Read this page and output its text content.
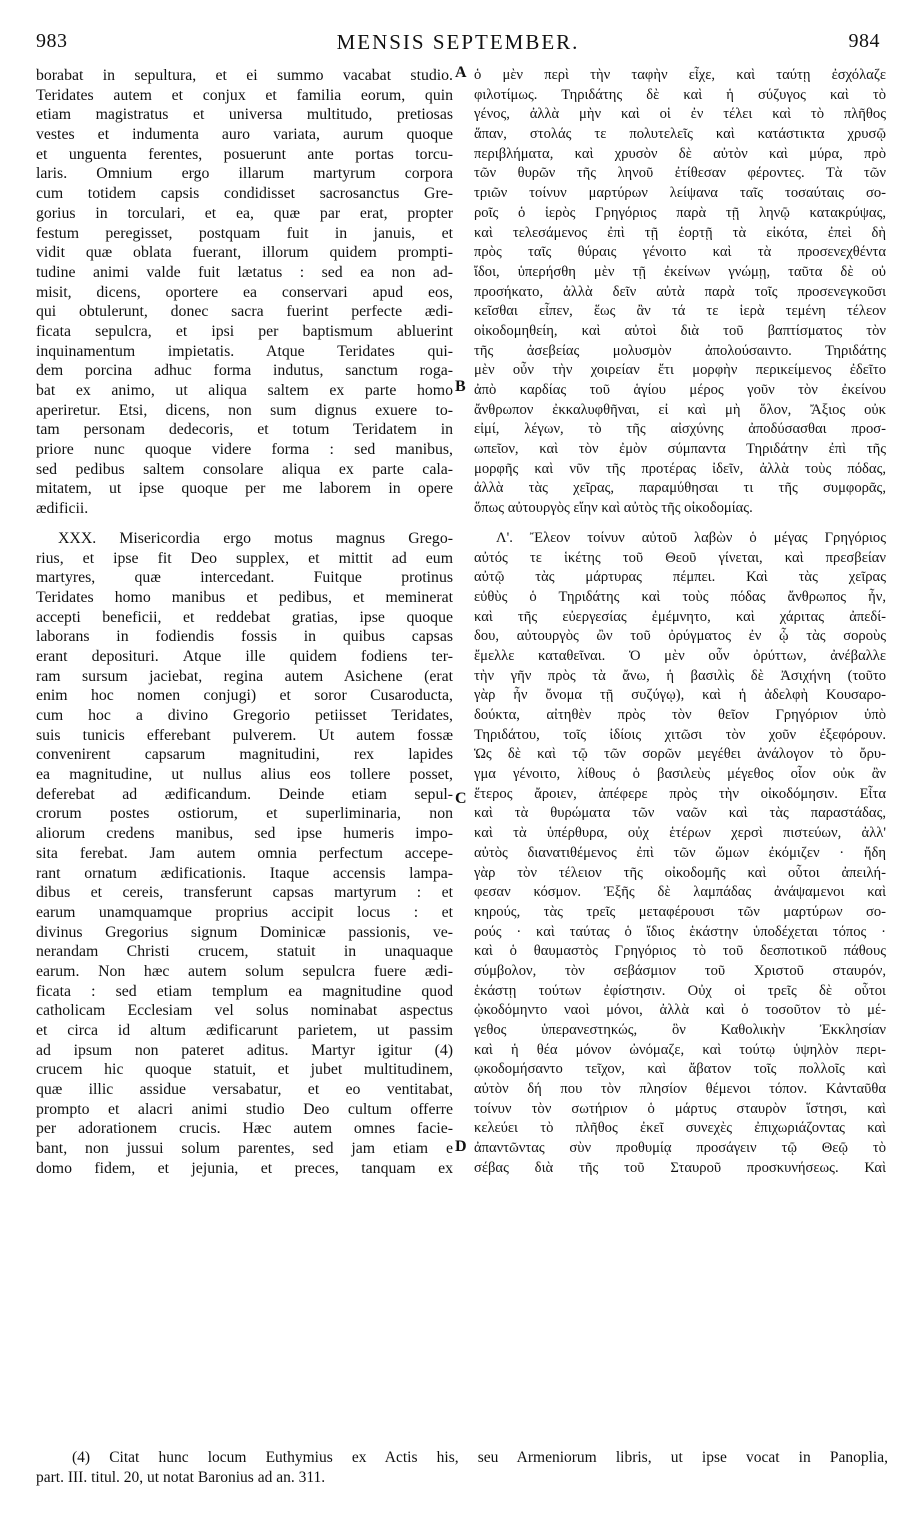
983	MENSIS SEPTEMBER.	984
borabat in sepultura, et ei summo vacabat studio.
Teridates autem et conjux et familia eorum, quin
etiam magistratus et universa multitudo, pretiosas
vestes et indumenta auro variata, aurum quoque
et unguenta ferentes, posuerunt ante portas torcu-
laris. Omnium ergo illarum martyrum corpora
cum totidem capsis condidisset sacrosanctus Gre-
gorius in torculari, et ea, quæ par erat, propter
festum peregisset, postquam fuit in januis, et
vidit quæ oblata fuerant, illorum quidem prompti-
tudine animi valde fuit lætatus : sed ea non ad-
misit, dicens, oportere ea conservari apud eos,
qui obtulerunt, donec sacra fuerint perfecte ædi-
ficata sepulcra, et ipsi per baptismum abluerint
inquinamentum impietatis. Atque Teridates qui-
dem porcina adhuc forma indutus, sanctum roga-
bat ex animo, ut aliqua saltem ex parte homo
aperiretur. Etsi, dicens, non sum dignus exuere to-
tam personam dedecoris, et totum Teridatem in
priore nunc quoque videre forma : sed manibus,
sed pedibus saltem consolare aliqua ex parte cala-
mitatem, ut ipse quoque per me laborem in opere
ædificii.
XXX. Misericordia ergo motus magnus Grego-
rius, et ipse fit Deo supplex, et mittit ad eum
martyres, quæ intercedant. Fuitque protinus
Teridates homo manibus et pedibus, et meminerat
accepti beneficii, et reddebat gratias, ipse quoque
laborans in fodiendis fossis in quibus capsas
erant depositurі. Atque ille quidem fodiens ter-
ram sursum jaciebat, regina autem Asichene (erat
enim hoc nomen conjugi) et soror Cusaroducta,
cum hoc a divino Gregorio petiisset Teridates,
suis tunicis efferebant pulverem. Ut autem fossæ
convenirent capsarum magnitudini, rex lapides
ea magnitudine, ut nullus alius eos tollere posset,
deferebat ad ædificandum. Deinde etiam sepul-
crorum postes ostiorum, et superliminaria, non
aliorum credens manibus, sed ipse humeris impo-
sita ferebat. Jam autem omnia perfectum accepe-
rant ornatum ædificationis. Itaque accensis lampa-
dibus et cereis, transferunt capsas martyrum : et
earum unamquamque proprius accipit locus : et
divinus Gregorius signum Dominicæ passionis, ve-
nerandam Christi crucem, statuit in unaquaque
earum. Non hæc autem solum sepulcra fuere ædi-
ficata : sed etiam templum ea magnitudine quod
catholicam Ecclesiam vel solus nominabat aspectus
et circa id altum ædificarunt parietem, ut passim
ad ipsum non pateret aditus. Martyr igitur (4)
crucem hic quoque statuit, et jubet multitudinem,
quæ illic assidue versabatur, et eo ventitabat,
prompto et alacri animi studio Deo cultum offerre
per adorationem crucis. Hæc autem omnes facie-
bant, non jussui solum parentes, sed jam etiam e
domo fidem, et jejunia, et preces, tanquam ex
ὁ μὲν περὶ τὴν ταφὴν εἶχε, καὶ ταύτῃ ἐσχόλαζε
φιλοτίμως. Τηριδάτης δὲ καὶ ἡ σύζυγος καὶ τὸ
γένος, ἀλλὰ μὴν καὶ οἱ ἐν τέλει καὶ τὸ πλῆθος
ἅπαν, στολάς τε πολυτελεῖς καὶ κατάστικτα χρυσῷ
περιβλήματα, καὶ χρυσὸν δὲ αὐτὸν καὶ μύρα, πρὸ
τῶν θυρῶν τῆς ληνοῦ ἐτίθεσαν φέροντες. Τὰ τῶν
τριῶν τοίνυν μαρτύρων λείψανα ταῖς τοσαύταις σο-
ροῖς ὁ ἱερὸς Γρηγόριος παρὰ τῇ ληνῷ κατακρύψας,
καὶ τελεσάμενος ἐπὶ τῇ ἑορτῇ τὰ εἰκότα, ἐπεὶ δὴ
πρὸς ταῖς θύραις γένοιτο καὶ τὰ προσενεχθέντα
ἴδοι, ὑπερήσθη μὲν τῇ ἐκείνων γνώμῃ, ταῦτα δὲ οὐ
προσήκατο, ἀλλὰ δεῖν αὐτὰ παρὰ τοῖς προσενεγκοῦσι
κεῖσθαι εἶπεν, ἕως ἂν τά τε ἱερὰ τεμένη τέλεον
οἰκοδομηθείη, καὶ αὐτοὶ διὰ τοῦ βαπτίσματος τὸν
τῆς ἀσεβείας μολυσμὸν ἀπολούσαιντο. Τηριδάτης
μὲν οὖν τὴν χοιρείαν ἔτι μορφὴν περικείμενος ἐδεῖτο
ἀπὸ καρδίας τοῦ ἁγίου μέρος γοῦν τὸν ἐκείνου
ἄνθρωπον ἐκκαλυφθῆναι, εἰ καὶ μὴ ὅλον, Ἄξιος οὐκ
εἰμί, λέγων, τὸ τῆς αἰσχύνης ἀποδύσασθαι προσ-
ωπεῖον, καὶ τὸν ἐμὸν σύμπαντα Τηριδάτην ἐπὶ τῆς
μορφῆς καὶ νῦν τῆς προτέρας ἰδεῖν, ἀλλὰ τοὺς πόδας,
ἀλλὰ τὰς χεῖρας, παραμύθησαι τι τῆς συμφορᾶς,
ὅπως αὐτουργὸς εἴην καὶ αὐτὸς τῆς οἰκοδομίας.
Λ'. Ἔλεον τοίνυν αὐτοῦ λαβὼν ὁ μέγας Γρηγόριος
αὐτός τε ἱκέτης τοῦ Θεοῦ γίνεται, καὶ πρεσβείαν
αὐτῷ τὰς μάρτυρας πέμπει. Καὶ τὰς χεῖρας
εὐθὺς ὁ Τηριδάτης καὶ τοὺς πόδας ἄνθρωπος ἦν,
καὶ τῆς εὐεργεσίας ἐμέμνητο, καὶ χάριτας ἀπεδί-
δου, αὐτουργὸς ὢν τοῦ ὀρύγματος ἐν ᾧ τὰς σοροὺς
ἔμελλε καταθεῖναι. Ὁ μὲν οὖν ὀρύττων, ἀνέβαλλε
τὴν γῆν πρὸς τὰ ἄνω, ἡ βασιλὶς δὲ Ἀσιχήνη (τοῦτο
γὰρ ἦν ὄνομα τῇ συζύγῳ), καὶ ἡ ἀδελφὴ Κουσαρο-
δούκτα, αἰτηθὲν πρὸς τὸν θεῖον Γρηγόριον ὑπὸ
Τηριδάτου, τοῖς ἰδίοις χιτῶσι τὸν χοῦν ἐξεφόρουν.
Ὡς δὲ καὶ τῷ τῶν σορῶν μεγέθει ἀνάλογον τὸ ὄρυ-
γμα γένοιτο, λίθους ὁ βασιλεὺς μέγεθος οἷον οὐκ ἂν
ἕτερος ἄροιεν, ἀπέφερε πρὸς τὴν οἰκοδόμησιν. Εἶτα
καὶ τὰ θυρώματα τῶν ναῶν καὶ τὰς παραστάδας,
καὶ τὰ ὑπέρθυρα, οὐχ ἑτέρων χερσὶ πιστεύων, ἀλλ'
αὐτὸς διανατιθέμενος ἐπὶ τῶν ὤμων ἐκόμιζεν · ἤδη
γὰρ τὸν τέλειον τῆς οἰκοδομῆς καὶ οὗτοι ἀπειλή-
φεσαν κόσμον. Ἐξῆς δὲ λαμπάδας ἀνάψαμενοι καὶ
κηρούς, τὰς τρεῖς μεταφέρουσι τῶν μαρτύρων σο-
ρούς · καὶ ταύτας ὁ ἴδιος ἑκάστην ὑποδέχεται τόπος ·
καὶ ὁ θαυμαστὸς Γρηγόριος τὸ τοῦ δεσποτικοῦ πάθους
σύμβολον, τὸν σεβάσμιον τοῦ Χριστοῦ σταυρόν,
ἑκάστῃ τούτων ἐφίστησιν. Οὐχ οἱ τρεῖς δὲ οὗτοι
ᾠκοδόμηντο ναοὶ μόνοι, ἀλλὰ καὶ ὁ τοσοῦτον τὸ μέ-
γεθος ὑπερανεστηκώς, ὃν Καθολικὴν Ἐκκλησίαν
καὶ ἡ θέα μόνον ὠνόμαζε, καὶ τούτῳ ὑψηλὸν περι-
ῳκοδομήσαντο τεῖχον, καὶ ἄβατον τοῖς πολλοῖς καὶ
αὐτὸν δή που τὸν πλησίον θέμενοι τόπον. Κἀνταῦθα
τοίνυν τὸν σωτήριον ὁ μάρτυς σταυρὸν ἵστησι, καὶ
κελεύει τὸ πλῆθος ἐκεῖ συνεχὲς ἐπιχωριάζοντας καὶ
ἀπαντῶντας σὺν προθυμίᾳ προσάγειν τῷ Θεῷ τὸ
σέβας διὰ τῆς τοῦ Σταυροῦ προσκυνήσεως. Καὶ
A
B
C
D
(4) Citat hunc locum Euthymius ex Actis his, seu Armeniorum libris, ut ipse vocat in Panoplia,
part. III. titul. 20, ut notat Baronius ad an. 311.
